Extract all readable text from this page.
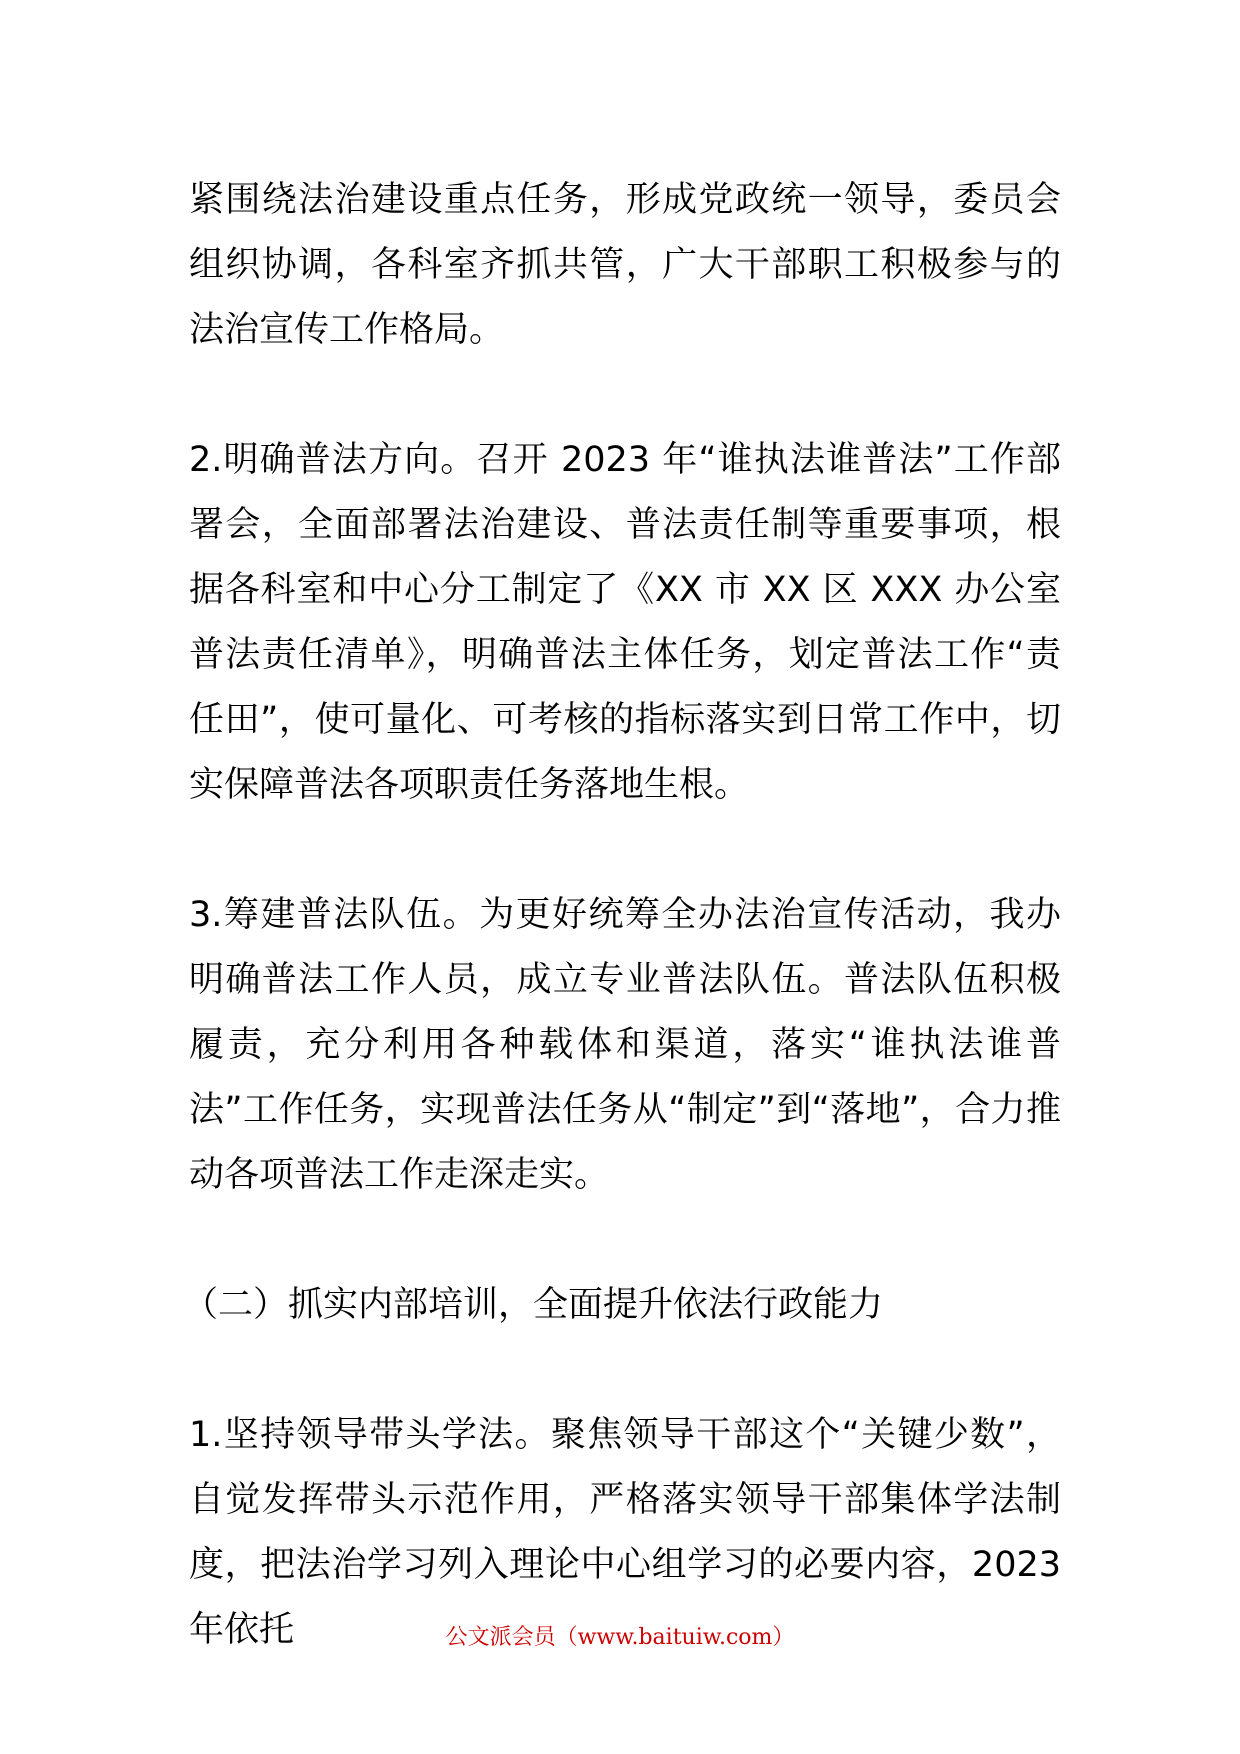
紧围绕法治建设重点任务，形成党政统一领导，委员会组织协调，各科室齐抓共管，广大干部职工积极参与的法治宣传工作格局。

2.明确普法方向。召开 2023 年“谁执法谁普法”工作部署会，全面部署法治建设、普法责任制等重要事项，根据各科室和中心分工制定了《XX 市 XX 区 XXX 办公室普法责任清单》，明确普法主体任务，划定普法工作“责任田”，使可量化、可考核的指标落实到日常工作中，切实保障普法各项职责任务落地生根。

3.筹建普法队伍。为更好统筹全办法治宣传活动，我办明确普法工作人员，成立专业普法队伍。普法队伍积极履责，充分利用各种载体和渠道，落实“谁执法谁普法”工作任务，实现普法任务从“制定”到“落地”，合力推动各项普法工作走深走实。

（二）抓实内部培训，全面提升依法行政能力

1.坚持领导带头学法。聚焦领导干部这个“关键少数”，自觉发挥带头示范作用，严格落实领导干部集体学法制度，把法治学习列入理论中心组学习的必要内容，2023 年依托	公文派会员（www.baituiw.com）
